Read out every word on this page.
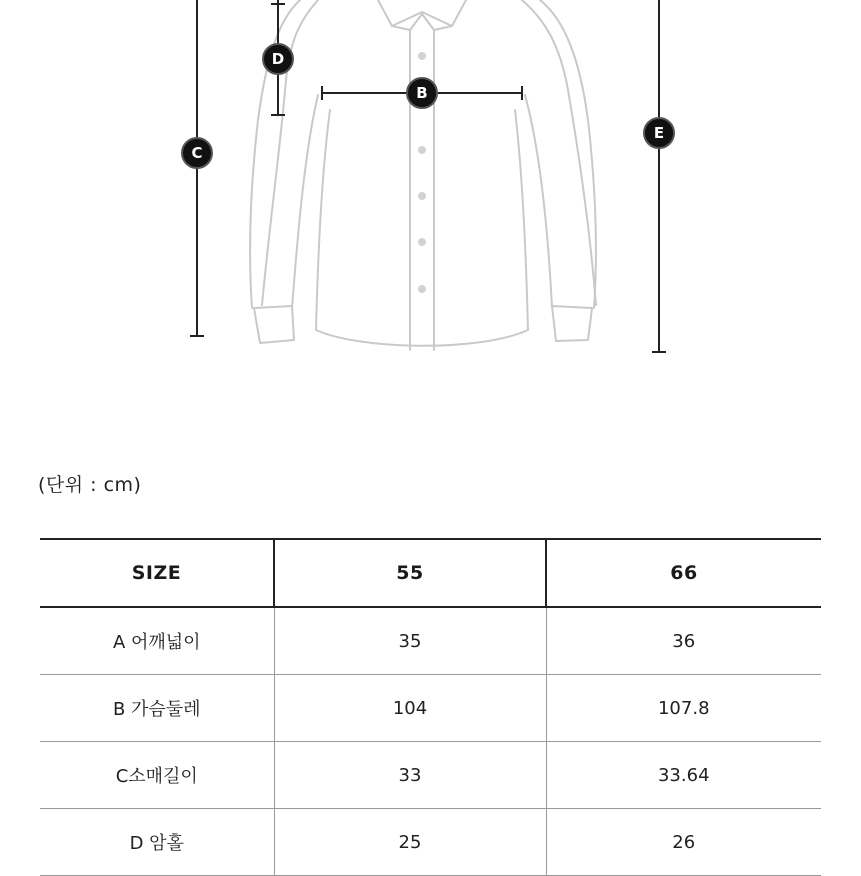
B
C
D
E
(단위 : cm)
SIZE	55	66
A 어깨넓이	35	36
B 가슴둘레	104	107.8
C소매길이	33	33.64
D 암홀	25	26
